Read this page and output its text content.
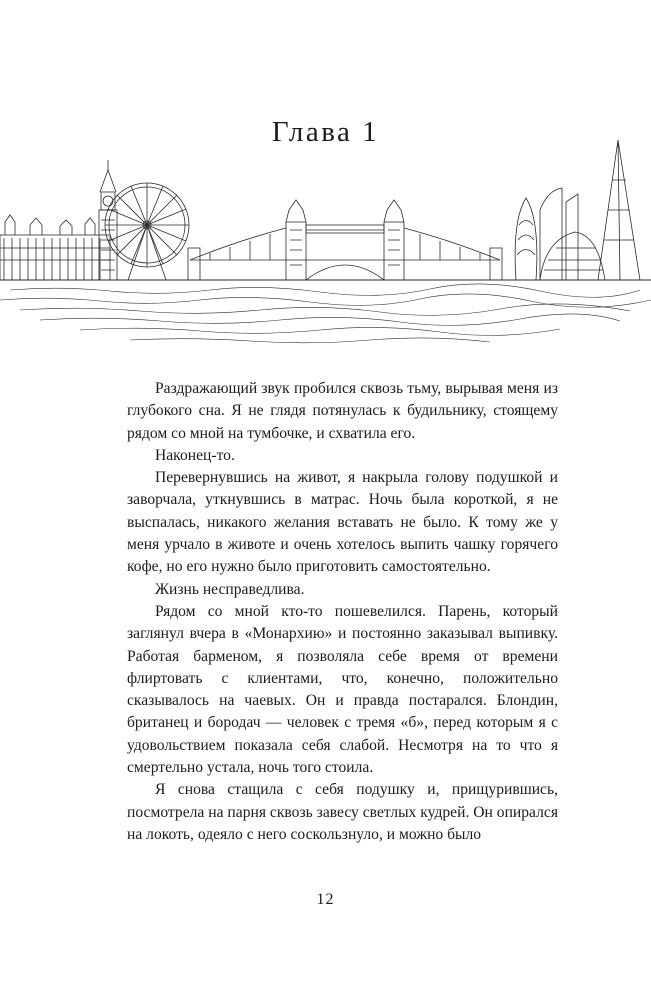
Глава 1

Раздражающий звук пробился сквозь тьму, вырывая меня из глубокого сна. Я не глядя потянулась к будильнику, стоящему рядом со мной на тумбочке, и схватила его.

Наконец-то.

Перевернувшись на живот, я накрыла голову подушкой и заворчала, уткнувшись в матрас. Ночь была короткой, я не выспалась, никакого желания вставать не было. К тому же у меня урчало в животе и очень хотелось выпить чашку горячего кофе, но его нужно было приготовить самостоятельно.

Жизнь несправедлива.

Рядом со мной кто-то пошевелился. Парень, который заглянул вчера в «Монархию» и постоянно заказывал выпивку. Работая барменом, я позволяла себе время от времени флиртовать с клиентами, что, конечно, положительно сказывалось на чаевых. Он и правда постарался. Блондин, британец и бородач — человек с тремя «б», перед которым я с удовольствием показала себя слабой. Несмотря на то что я смертельно устала, ночь того стоила.

Я снова стащила с себя подушку и, прищурившись, посмотрела на парня сквозь завесу светлых кудрей. Он опирался на локоть, одеяло с него соскользнуло, и можно было

12
